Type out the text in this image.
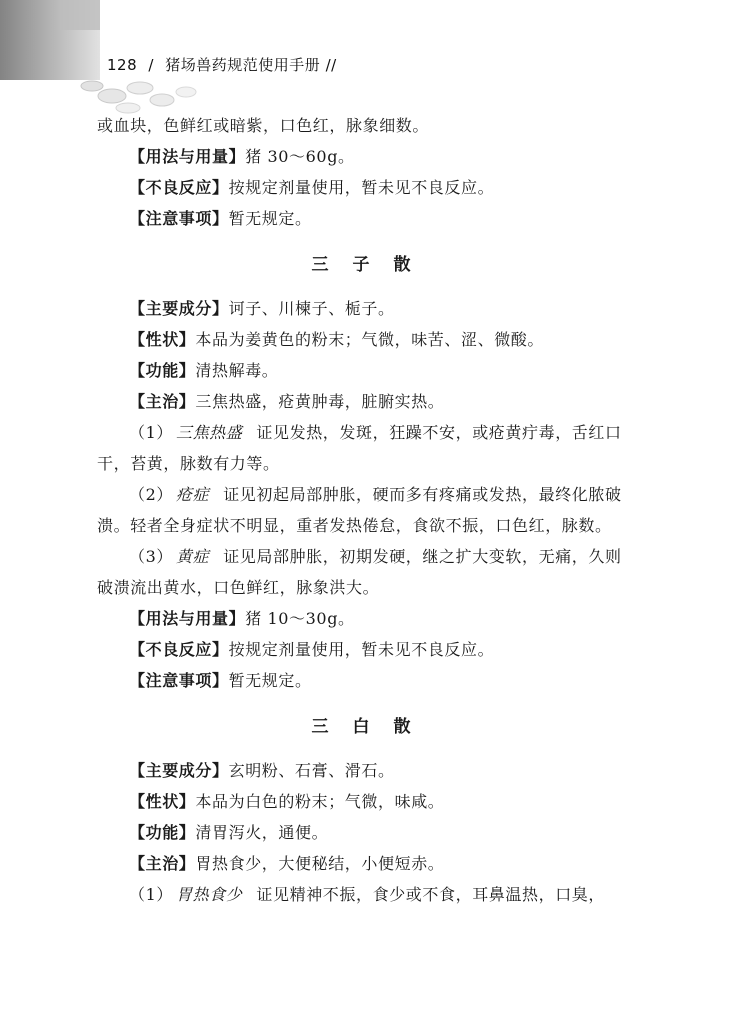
128 / 猪场兽药规范使用手册 //

或血块，色鲜红或暗紫，口色红，脉象细数。

【用法与用量】猪 30～60g。

【不良反应】按规定剂量使用，暂未见不良反应。

【注意事项】暂无规定。

三子散

【主要成分】诃子、川楝子、栀子。

【性状】本品为姜黄色的粉末；气微，味苦、涩、微酸。

【功能】清热解毒。

【主治】三焦热盛，疮黄肿毒，脏腑实热。

（1） 三焦热盛 证见发热，发斑，狂躁不安，或疮黄疔毒，舌红口干，苔黄，脉数有力等。

（2） 疮症 证见初起局部肿胀，硬而多有疼痛或发热，最终化脓破溃。轻者全身症状不明显，重者发热倦怠，食欲不振，口色红，脉数。

（3） 黄症 证见局部肿胀，初期发硬，继之扩大变软，无痛，久则破溃流出黄水，口色鲜红，脉象洪大。

【用法与用量】猪 10～30g。

【不良反应】按规定剂量使用，暂未见不良反应。

【注意事项】暂无规定。

三白散

【主要成分】玄明粉、石膏、滑石。

【性状】本品为白色的粉末；气微，味咸。

【功能】清胃泻火，通便。

【主治】胃热食少，大便秘结，小便短赤。

（1） 胃热食少 证见精神不振，食少或不食，耳鼻温热，口臭，
